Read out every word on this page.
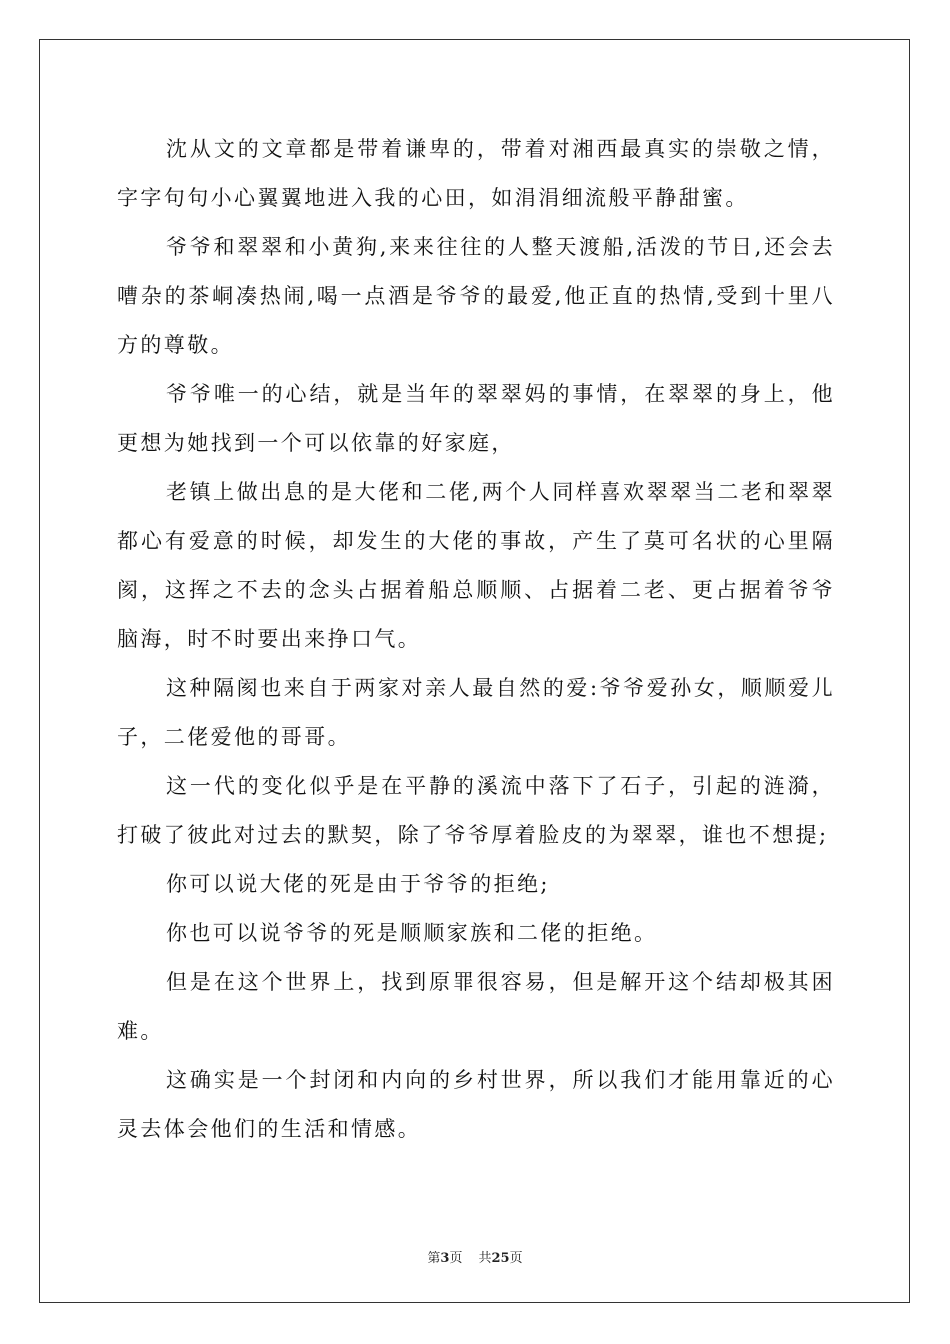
沈从文的文章都是带着谦卑的，带着对湘西最真实的崇敬之情，字字句句小心翼翼地进入我的心田，如涓涓细流般平静甜蜜。

爷爷和翠翠和小黄狗,来来往往的人整天渡船,活泼的节日,还会去嘈杂的茶峒凑热闹,喝一点酒是爷爷的最爱,他正直的热情,受到十里八方的尊敬。

爷爷唯一的心结，就是当年的翠翠妈的事情，在翠翠的身上，他更想为她找到一个可以依靠的好家庭，

老镇上做出息的是大佬和二佬,两个人同样喜欢翠翠当二老和翠翠都心有爱意的时候，却发生的大佬的事故，产生了莫可名状的心里隔阂，这挥之不去的念头占据着船总顺顺、占据着二老、更占据着爷爷脑海，时不时要出来挣口气。

这种隔阂也来自于两家对亲人最自然的爱:爷爷爱孙女，顺顺爱儿子，二佬爱他的哥哥。

这一代的变化似乎是在平静的溪流中落下了石子，引起的涟漪，打破了彼此对过去的默契，除了爷爷厚着脸皮的为翠翠，谁也不想提;

你可以说大佬的死是由于爷爷的拒绝;

你也可以说爷爷的死是顺顺家族和二佬的拒绝。

但是在这个世界上，找到原罪很容易，但是解开这个结却极其困难。

这确实是一个封闭和内向的乡村世界，所以我们才能用靠近的心灵去体会他们的生活和情感。

第3页 共25页
